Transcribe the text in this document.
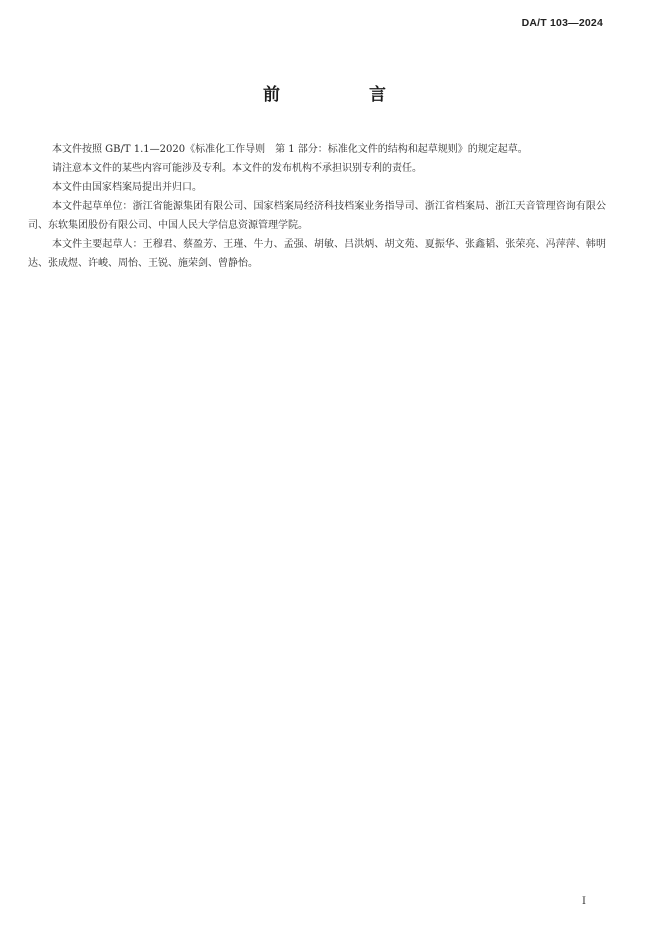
DA/T 103—2024
前　言

本文件按照 GB/T 1.1—2020《标准化工作导则　第 1 部分：标准化文件的结构和起草规则》的规定起草。

请注意本文件的某些内容可能涉及专利。本文件的发布机构不承担识别专利的责任。

本文件由国家档案局提出并归口。

本文件起草单位：浙江省能源集团有限公司、国家档案局经济科技档案业务指导司、浙江省档案局、浙江天音管理咨询有限公司、东软集团股份有限公司、中国人民大学信息资源管理学院。

本文件主要起草人：王穆君、蔡盈芳、王瑾、牛力、孟强、胡敏、吕洪炳、胡文苑、夏振华、张鑫韬、张荣亮、冯萍萍、韩明达、张成煜、许峻、周怡、王锐、施荣剑、曾静怡。

I
